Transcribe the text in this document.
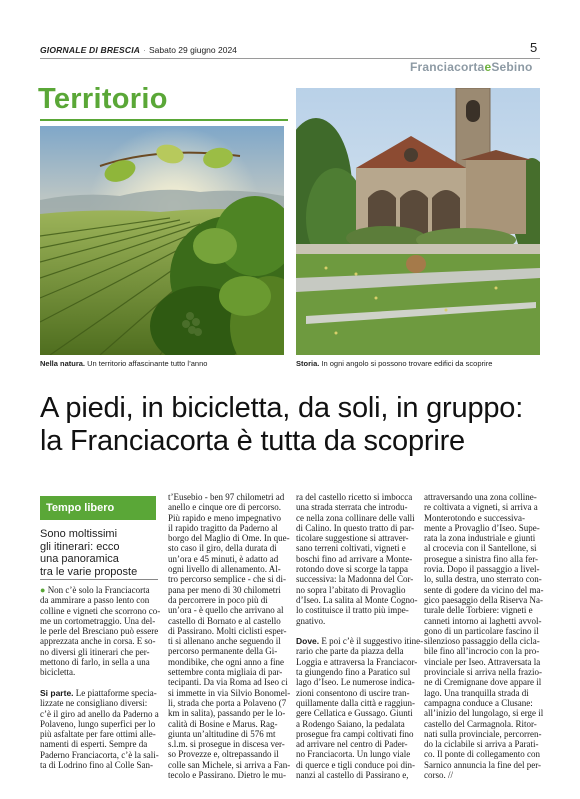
GIORNALE DI BRESCIA · Sabato 29 giugno 2024	5
FranciacortaeSebino
Territorio
Nella natura. Un territorio affascinante tutto l’anno	Storia. In ogni angolo si possono trovare edifici da scoprire
A piedi, in bicicletta, da soli, in gruppo:
la Franciacorta è tutta da scoprire
Tempo libero
Sono moltissimi
gli itinerari: ecco
una panoramica
tra le varie proposte
● Non c’è solo la Franciacorta
da ammirare a passo lento con
colline e vigneti che scorrono co-
me un cortometraggio. Una del-
le perle del Bresciano può essere
apprezzata anche in corsa. E so-
no diversi gli itinerari che per-
mettono di farlo, in sella a una
bicicletta.
Si parte. Le piattaforme specia-
lizzate ne consigliano diversi:
c’è il giro ad anello da Paderno a
Polaveno, lungo superfici per lo
più asfaltate per fare ottimi alle-
namenti di esperti. Sempre da
Paderno Franciacorta, c’è la sali-
ta di Lodrino fino al Colle San-
t’Eusebio - ben 97 chilometri ad
anello e cinque ore di percorso.
Più rapido e meno impegnativo
il rapido tragitto da Paderno al
borgo del Maglio di Ome. In que-
sto caso il giro, della durata di
un’ora e 45 minuti, è adatto ad
ogni livello di allenamento. Al-
tro percorso semplice - che si di-
pana per meno di 30 chilometri
da percorrere in poco più di
un’ora - è quello che arrivano al
castello di Bornato e al castello
di Passirano. Molti ciclisti esper-
ti si allenano anche seguendo il
percorso permanente della Gi-
mondibike, che ogni anno a fine
settembre conta migliaia di par-
tecipanti. Da via Roma ad Iseo ci
si immette in via Silvio Bonomel-
li, strada che porta a Polaveno (7
km in salita), passando per le lo-
calità di Bosine e Marus. Rag-
giunta un’altitudine di 576 mt
s.l.m. si prosegue in discesa ver-
so Provezze e, oltrepassando il
colle san Michele, si arriva a Fan-
tecolo e Passirano. Dietro le mu-
ra del castello ricetto si imbocca
una strada sterrata che introdu-
ce nella zona collinare delle valli
di Calino. In questo tratto di par-
ticolare suggestione si attraver-
sano terreni coltivati, vigneti e
boschi fino ad arrivare a Monte-
rotondo dove si scorge la tappa
successiva: la Madonna del Cor-
no sopra l’abitato di Provaglio
d’Iseo. La salita al Monte Cogno-
lo costituisce il tratto più impe-
gnativo.
Dove. E poi c’è il suggestivo itine-
rario che parte da piazza della
Loggia e attraversa la Franciacor-
ta giungendo fino a Paratico sul
lago d’Iseo. Le numerose indica-
zioni consentono di uscire tran-
quillamente dalla città e raggiun-
gere Cellatica e Gussago. Giunti
a Rodengo Saiano, la pedalata
prosegue fra campi coltivati fino
ad arrivare nel centro di Pader-
no Franciacorta. Un lungo viale
di querce e tigli conduce poi din-
nanzi al castello di Passirano e,
attraversando una zona colline-
re coltivata a vigneti, si arriva a
Monterotondo e successiva-
mente a Provaglio d’Iseo. Supe-
rata la zona industriale e giunti
al crocevia con il Santellone, si
prosegue a sinistra fino alla fer-
rovia. Dopo il passaggio a livel-
lo, sulla destra, uno sterrato con-
sente di godere da vicino del ma-
gico paesaggio della Riserva Na-
turale delle Torbiere: vigneti e
canneti intorno ai laghetti avvol-
gono di un particolare fascino il
silenzioso passaggio della cicla-
bile fino all’incrocio con la pro-
vinciale per Iseo. Attraversata la
provinciale si arriva nella frazio-
ne di Cremignane dove appare il
lago. Una tranquilla strada di
campagna conduce a Clusane:
all’inizio del lungolago, si erge il
castello del Carmagnola. Ritor-
nati sulla provinciale, percorren-
do la ciclabile si arriva a Parati-
co. Il ponte di collegamento con
Sarnico annuncia la fine del per-
corso. //
